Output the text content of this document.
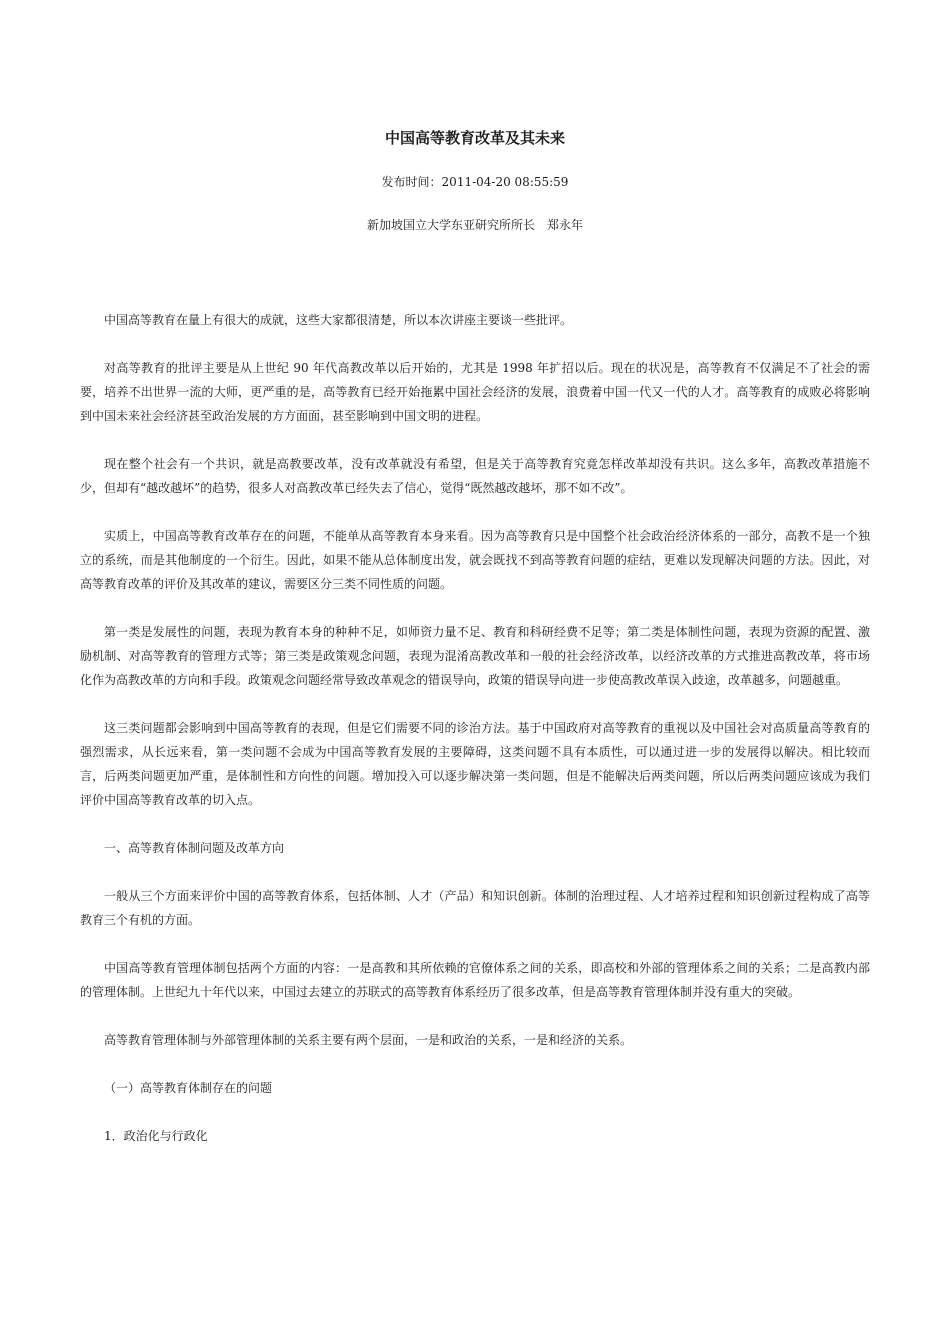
中国高等教育改革及其未来

发布时间：2011-04-20 08:55:59

新加坡国立大学东亚研究所所长　郑永年

中国高等教育在量上有很大的成就，这些大家都很清楚，所以本次讲座主要谈一些批评。

对高等教育的批评主要是从上世纪 90 年代高教改革以后开始的，尤其是 1998 年扩招以后。现在的状况是，高等教育不仅满足不了社会的需要，培养不出世界一流的大师，更严重的是，高等教育已经开始拖累中国社会经济的发展，浪费着中国一代又一代的人才。高等教育的成败必将影响到中国未来社会经济甚至政治发展的方方面面，甚至影响到中国文明的进程。

现在整个社会有一个共识，就是高教要改革，没有改革就没有希望，但是关于高等教育究竟怎样改革却没有共识。这么多年，高教改革措施不少，但却有“越改越坏”的趋势，很多人对高教改革已经失去了信心，觉得“既然越改越坏，那不如不改”。

实质上，中国高等教育改革存在的问题，不能单从高等教育本身来看。因为高等教育只是中国整个社会政治经济体系的一部分，高教不是一个独立的系统，而是其他制度的一个衍生。因此，如果不能从总体制度出发，就会既找不到高等教育问题的症结，更难以发现解决问题的方法。因此，对高等教育改革的评价及其改革的建议，需要区分三类不同性质的问题。

第一类是发展性的问题，表现为教育本身的种种不足，如师资力量不足、教育和科研经费不足等；第二类是体制性问题，表现为资源的配置、激励机制、对高等教育的管理方式等；第三类是政策观念问题，表现为混淆高教改革和一般的社会经济改革，以经济改革的方式推进高教改革，将市场化作为高教改革的方向和手段。政策观念问题经常导致改革观念的错误导向，政策的错误导向进一步使高教改革误入歧途，改革越多，问题越重。

这三类问题都会影响到中国高等教育的表现，但是它们需要不同的诊治方法。基于中国政府对高等教育的重视以及中国社会对高质量高等教育的强烈需求，从长远来看，第一类问题不会成为中国高等教育发展的主要障碍，这类问题不具有本质性，可以通过进一步的发展得以解决。相比较而言，后两类问题更加严重，是体制性和方向性的问题。增加投入可以逐步解决第一类问题，但是不能解决后两类问题，所以后两类问题应该成为我们评价中国高等教育改革的切入点。

一、高等教育体制问题及改革方向

一般从三个方面来评价中国的高等教育体系，包括体制、人才（产品）和知识创新。体制的治理过程、人才培养过程和知识创新过程构成了高等教育三个有机的方面。

中国高等教育管理体制包括两个方面的内容：一是高教和其所依赖的官僚体系之间的关系，即高校和外部的管理体系之间的关系；二是高教内部的管理体制。上世纪九十年代以来，中国过去建立的苏联式的高等教育体系经历了很多改革，但是高等教育管理体制并没有重大的突破。

高等教育管理体制与外部管理体制的关系主要有两个层面，一是和政治的关系，一是和经济的关系。

（一）高等教育体制存在的问题

1．政治化与行政化
